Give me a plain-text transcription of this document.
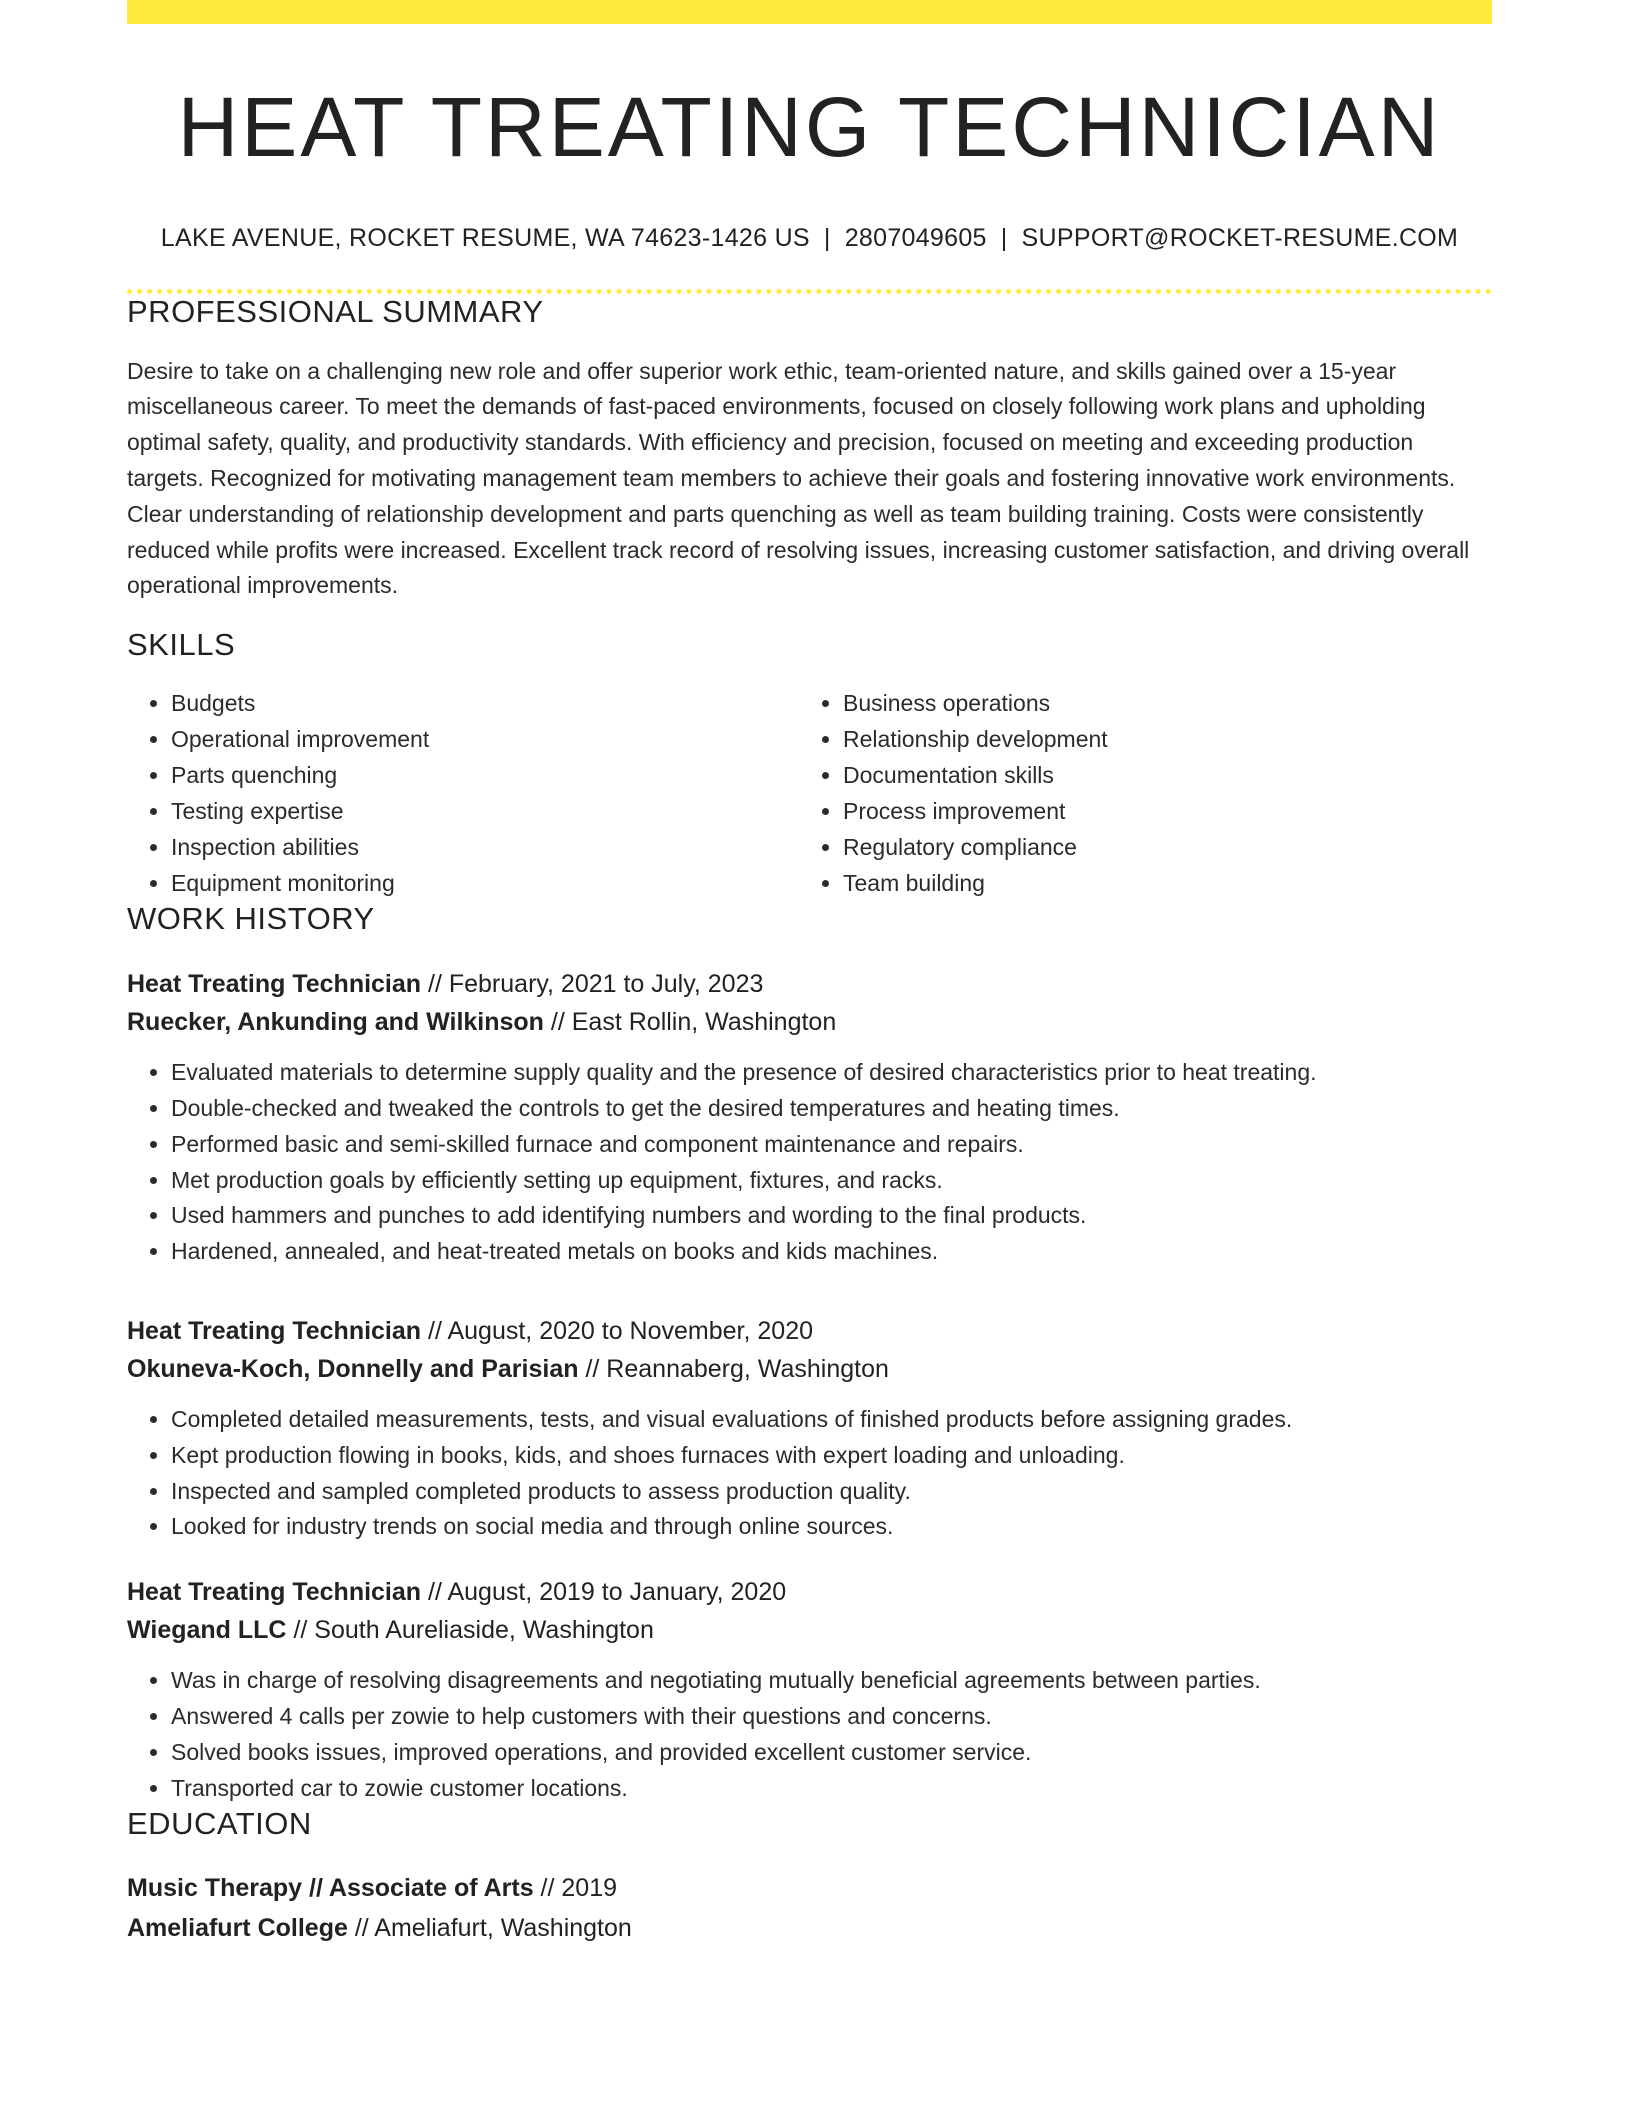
HEAT TREATING TECHNICIAN
LAKE AVENUE, ROCKET RESUME, WA 74623-1426 US | 2807049605 | SUPPORT@ROCKET-RESUME.COM
PROFESSIONAL SUMMARY

Desire to take on a challenging new role and offer superior work ethic, team-oriented nature, and skills gained over a 15-year miscellaneous career. To meet the demands of fast-paced environments, focused on closely following work plans and upholding optimal safety, quality, and productivity standards. With efficiency and precision, focused on meeting and exceeding production targets. Recognized for motivating management team members to achieve their goals and fostering innovative work environments. Clear understanding of relationship development and parts quenching as well as team building training. Costs were consistently reduced while profits were increased. Excellent track record of resolving issues, increasing customer satisfaction, and driving overall operational improvements.

SKILLS
• Budgets
• Operational improvement
• Parts quenching
• Testing expertise
• Inspection abilities
• Equipment monitoring
• Business operations
• Relationship development
• Documentation skills
• Process improvement
• Regulatory compliance
• Team building
WORK HISTORY
Heat Treating Technician // February, 2021 to July, 2023
Ruecker, Ankunding and Wilkinson // East Rollin, Washington
• Evaluated materials to determine supply quality and the presence of desired characteristics prior to heat treating.
• Double-checked and tweaked the controls to get the desired temperatures and heating times.
• Performed basic and semi-skilled furnace and component maintenance and repairs.
• Met production goals by efficiently setting up equipment, fixtures, and racks.
• Used hammers and punches to add identifying numbers and wording to the final products.
• Hardened, annealed, and heat-treated metals on books and kids machines.
Heat Treating Technician // August, 2020 to November, 2020
Okuneva-Koch, Donnelly and Parisian // Reannaberg, Washington
• Completed detailed measurements, tests, and visual evaluations of finished products before assigning grades.
• Kept production flowing in books, kids, and shoes furnaces with expert loading and unloading.
• Inspected and sampled completed products to assess production quality.
• Looked for industry trends on social media and through online sources.
Heat Treating Technician // August, 2019 to January, 2020
Wiegand LLC // South Aureliaside, Washington
• Was in charge of resolving disagreements and negotiating mutually beneficial agreements between parties.
• Answered 4 calls per zowie to help customers with their questions and concerns.
• Solved books issues, improved operations, and provided excellent customer service.
• Transported car to zowie customer locations.
EDUCATION
Music Therapy // Associate of Arts // 2019
Ameliafurt College // Ameliafurt, Washington
